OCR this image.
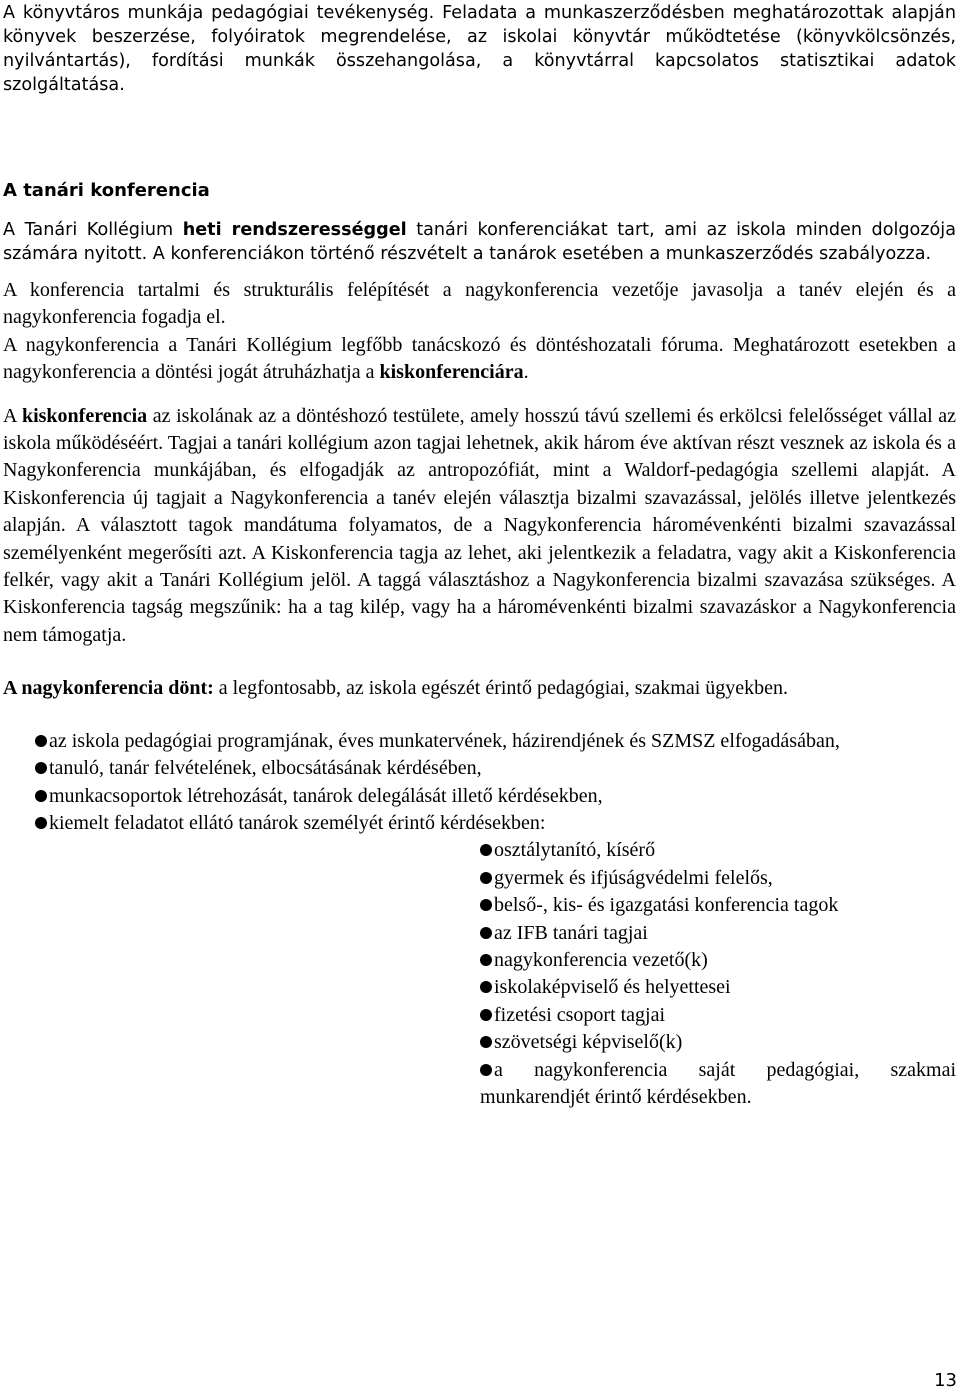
A könyvtáros munkája pedagógiai tevékenység. Feladata a munkaszerződésben meghatározottak alapján könyvek beszerzése, folyóiratok megrendelése, az iskolai könyvtár működtetése (könyvkölcsönzés, nyilvántartás), fordítási munkák összehangolása, a könyvtárral kapcsolatos statisztikai adatok szolgáltatása.

A tanári konferencia

A Tanári Kollégium heti rendszerességgel tanári konferenciákat tart, ami az iskola minden dolgozója számára nyitott. A konferenciákon történő részvételt a tanárok esetében a munkaszerződés szabályozza.

A konferencia tartalmi és strukturális felépítését a nagykonferencia vezetője javasolja a tanév elején és a nagykonferencia fogadja el.
A nagykonferencia a Tanári Kollégium legfőbb tanácskozó és döntéshozatali fóruma. Meghatározott esetekben a nagykonferencia a döntési jogát átruházhatja a kiskonferenciára.

A kiskonferencia az iskolának az a döntéshozó testülete, amely hosszú távú szellemi és erkölcsi felelősséget vállal az iskola működéséért. Tagjai a tanári kollégium azon tagjai lehetnek, akik három éve aktívan részt vesznek az iskola és a Nagykonferencia munkájában, és elfogadják az antropozófiát, mint a Waldorf-pedagógia szellemi alapját. A Kiskonferencia új tagjait a Nagykonferencia a tanév elején választja bizalmi szavazással, jelölés illetve jelentkezés alapján. A választott tagok mandátuma folyamatos, de a Nagykonferencia háromévenkénti bizalmi szavazással személyenként megerősíti azt. A Kiskonferencia tagja az lehet, aki jelentkezik a feladatra, vagy akit a Kiskonferencia felkér, vagy akit a Tanári Kollégium jelöl. A taggá választáshoz a Nagykonferencia bizalmi szavazása szükséges. A Kiskonferencia tagság megszűnik: ha a tag kilép, vagy ha a háromévenkénti bizalmi szavazáskor a Nagykonferencia nem támogatja.

A nagykonferencia dönt: a legfontosabb, az iskola egészét érintő pedagógiai, szakmai ügyekben.

az iskola pedagógiai programjának, éves munkatervének, házirendjének és SZMSZ elfogadásában,
tanuló, tanár felvételének, elbocsátásának kérdésében,
munkacsoportok létrehozását, tanárok delegálását illető kérdésekben,
kiemelt feladatot ellátó tanárok személyét érintő kérdésekben:
osztálytanító, kísérő
gyermek és ifjúságvédelmi felelős,
belső-, kis- és igazgatási konferencia tagok
az IFB tanári tagjai
nagykonferencia vezető(k)
iskolaképviselő és helyettesei
fizetési csoport tagjai
szövetségi képviselő(k)
a nagykonferencia saját pedagógiai, szakmai munkarendjét érintő kérdésekben.
13
